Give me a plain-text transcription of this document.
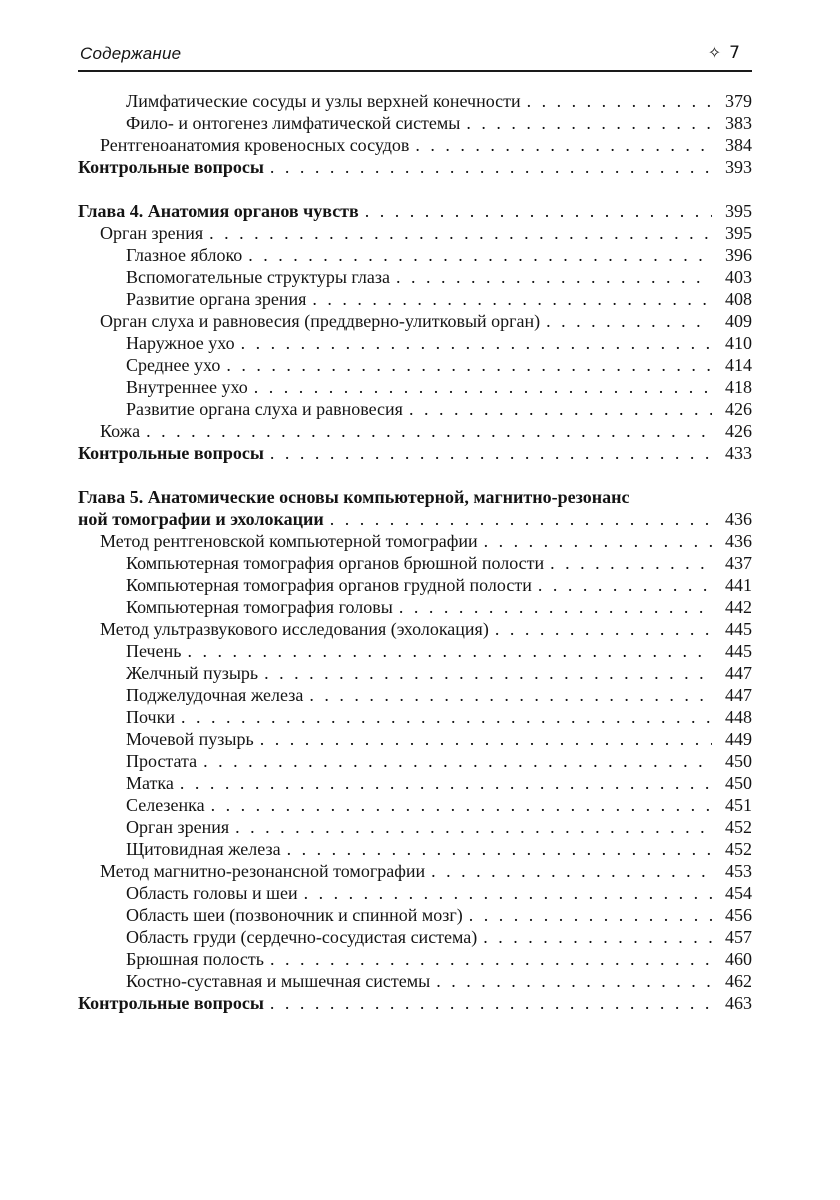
Содержание	✧ 7
Лимфатические сосуды и узлы верхней конечности . . .	379
Фило- и онтогенез лимфатической системы . . .	383
Рентгеноанатомия кровеносных сосудов . . .	384
Контрольные вопросы . . .	393
Глава 4. Анатомия органов чувств . . .	395
Орган зрения . . .	395
Глазное яблоко . . .	396
Вспомогательные структуры глаза . . .	403
Развитие органа зрения . . .	408
Орган слуха и равновесия (преддверно-улитковый орган) . . .	409
Наружное ухо . . .	410
Среднее ухо . . .	414
Внутреннее ухо . . .	418
Развитие органа слуха и равновесия . . .	426
Кожа . . .	426
Контрольные вопросы . . .	433
Глава 5. Анатомические основы компьютерной, магнитно-резонанс
ной томографии и эхолокации . . .	436
Метод рентгеновской компьютерной томографии . . .	436
Компьютерная томография органов брюшной полости . . .	437
Компьютерная томография органов грудной полости . . .	441
Компьютерная томография головы . . .	442
Метод ультразвукового исследования (эхолокация) . . .	445
Печень . . .	445
Желчный пузырь . . .	447
Поджелудочная железа . . .	447
Почки . . .	448
Мочевой пузырь . . .	449
Простата . . .	450
Матка . . .	450
Селезенка . . .	451
Орган зрения . . .	452
Щитовидная железа . . .	452
Метод магнитно-резонансной томографии . . .	453
Область головы и шеи . . .	454
Область шеи (позвоночник и спинной мозг) . . .	456
Область груди (сердечно-сосудистая система) . . .	457
Брюшная полость . . .	460
Костно-суставная и мышечная системы . . .	462
Контрольные вопросы . . .	463
